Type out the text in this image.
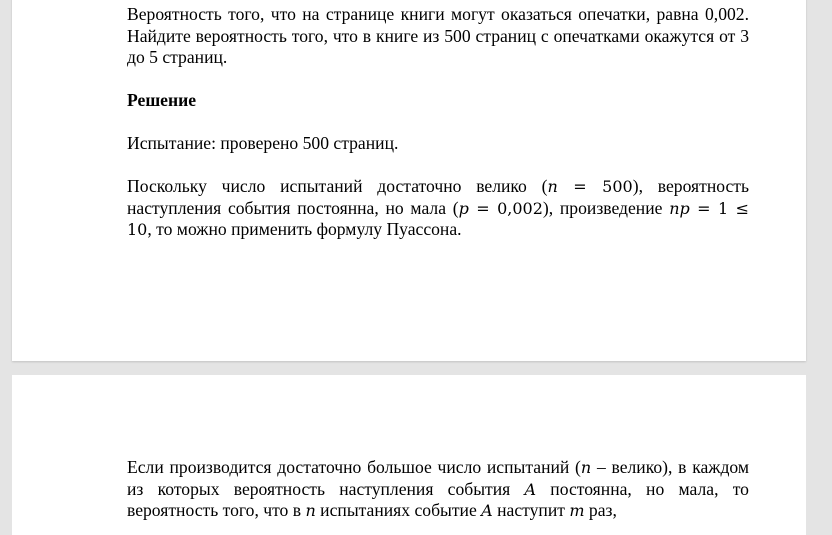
Вероятность того, что на странице книги могут оказаться опечатки, равна 0,002. Найдите вероятность того, что в книге из 500 страниц с опечатками окажутся от 3 до 5 страниц.

Решение

Испытание: проверено 500 страниц.

Поскольку число испытаний достаточно велико (n = 500), вероятность наступления события постоянна, но мала (p = 0,002), произведение np = 1 ≤ 10, то можно применить формулу Пуассона.

Если производится достаточно большое число испытаний (n – велико), в каждом из которых вероятность наступления события A постоянна, но мала, то вероятность того, что в n испытаниях событие A наступит m раз,
